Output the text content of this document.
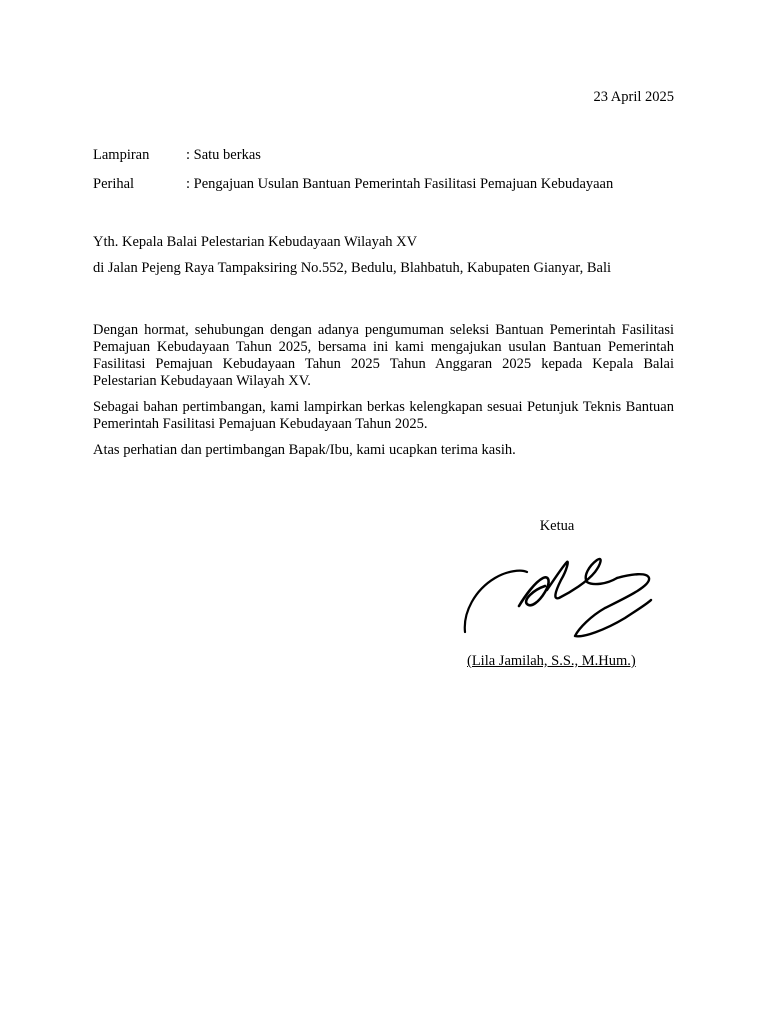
23 April 2025
Lampiran	: Satu berkas
Perihal	: Pengajuan Usulan Bantuan Pemerintah Fasilitasi Pemajuan Kebudayaan
Yth. Kepala Balai Pelestarian Kebudayaan Wilayah XV
di Jalan Pejeng Raya Tampaksiring No.552, Bedulu, Blahbatuh, Kabupaten Gianyar, Bali

Dengan hormat, sehubungan dengan adanya pengumuman seleksi Bantuan Pemerintah Fasilitasi Pemajuan Kebudayaan Tahun 2025, bersama ini kami mengajukan usulan Bantuan Pemerintah Fasilitasi Pemajuan Kebudayaan Tahun 2025 Tahun Anggaran 2025 kepada Kepala Balai Pelestarian Kebudayaan Wilayah XV.

Sebagai bahan pertimbangan, kami lampirkan berkas kelengkapan sesuai Petunjuk Teknis Bantuan Pemerintah Fasilitasi Pemajuan Kebudayaan Tahun 2025.

Atas perhatian dan pertimbangan Bapak/Ibu, kami ucapkan terima kasih.

Ketua
(Lila Jamilah, S.S., M.Hum.)
